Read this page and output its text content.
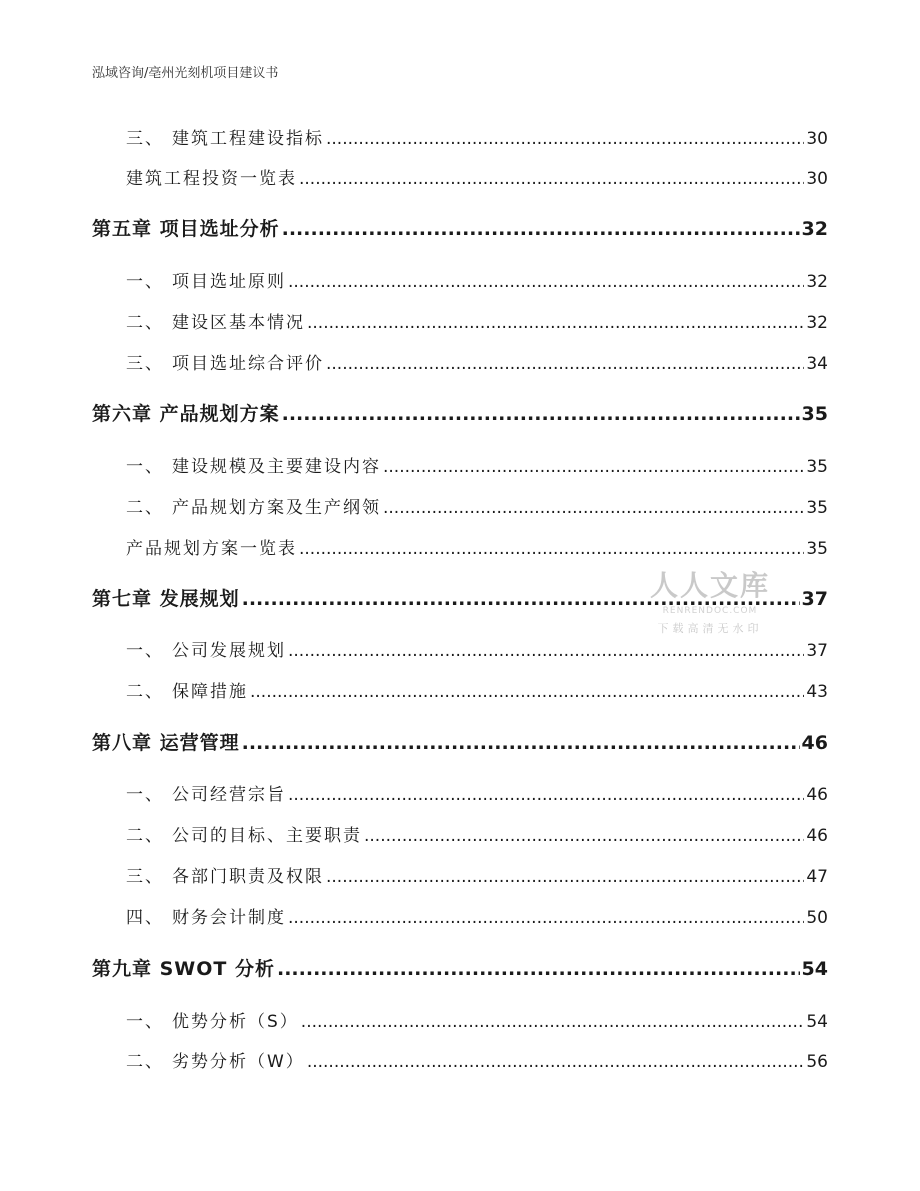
泓域咨询/亳州光刻机项目建议书
三、 建筑工程建设指标 .....	30
建筑工程投资一览表 .....	30
第五章 项目选址分析 .....	32
一、 项目选址原则 .....	32
二、 建设区基本情况 .....	32
三、 项目选址综合评价 .....	34
第六章 产品规划方案 .....	35
一、 建设规模及主要建设内容 .....	35
二、 产品规划方案及生产纲领 .....	35
产品规划方案一览表 .....	35
第七章 发展规划 .....	37
一、 公司发展规划 .....	37
二、 保障措施 .....	43
第八章 运营管理 .....	46
一、 公司经营宗旨 .....	46
二、 公司的目标、主要职责 .....	46
三、 各部门职责及权限 .....	47
四、 财务会计制度 .....	50
第九章 SWOT 分析 .....	54
一、 优势分析（S） .....	54
二、 劣势分析（W） .....	56
人人文库
RENRENDOC.COM
下载高清无水印
